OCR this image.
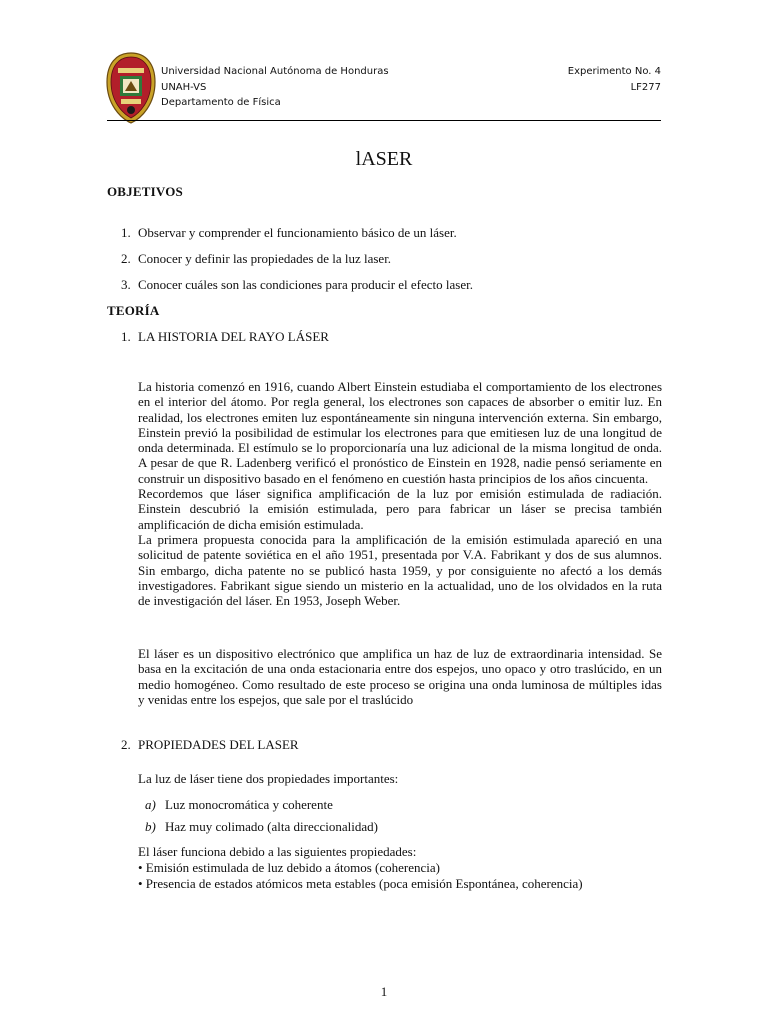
Universidad Nacional Autónoma de Honduras
UNAH-VS
Departamento de Física
Experimento No. 4
LF277
lASER
OBJETIVOS
1. Observar y comprender el funcionamiento básico de un láser.
2. Conocer y definir las propiedades de la luz laser.
3. Conocer cuáles son las condiciones para producir el efecto laser.
TEORÍA
1. LA HISTORIA DEL RAYO LÁSER
La historia comenzó en 1916, cuando Albert Einstein estudiaba el comportamiento de los electrones en el interior del átomo. Por regla general, los electrones son capaces de absorber o emitir luz. En realidad, los electrones emiten luz espontáneamente sin ninguna intervención externa. Sin embargo, Einstein previó la posibilidad de estimular los electrones para que emitiesen luz de una longitud de onda determinada. El estímulo se lo proporcionaría una luz adicional de la misma longitud de onda. A pesar de que R. Ladenberg verificó el pronóstico de Einstein en 1928, nadie pensó seriamente en construir un dispositivo basado en el fenómeno en cuestión hasta principios de los años cincuenta.
Recordemos que láser significa amplificación de la luz por emisión estimulada de radiación. Einstein descubrió la emisión estimulada, pero para fabricar un láser se precisa también amplificación de dicha emisión estimulada.
La primera propuesta conocida para la amplificación de la emisión estimulada apareció en una solicitud de patente soviética en el año 1951, presentada por V.A. Fabrikant y dos de sus alumnos. Sin embargo, dicha patente no se publicó hasta 1959, y por consiguiente no afectó a los demás investigadores. Fabrikant sigue siendo un misterio en la actualidad, uno de los olvidados en la ruta de investigación del láser. En 1953, Joseph Weber.
El láser es un dispositivo electrónico que amplifica un haz de luz de extraordinaria intensidad. Se basa en la excitación de una onda estacionaria entre dos espejos, uno opaco y otro traslúcido, en un medio homogéneo. Como resultado de este proceso se origina una onda luminosa de múltiples idas y venidas entre los espejos, que sale por el traslúcido
2. PROPIEDADES DEL LASER
La luz de láser tiene dos propiedades importantes:
a) Luz monocromática y coherente
b) Haz muy colimado (alta direccionalidad)
El láser funciona debido a las siguientes propiedades:
• Emisión estimulada de luz debido a átomos (coherencia)
• Presencia de estados atómicos meta estables (poca emisión Espontánea, coherencia)
1
